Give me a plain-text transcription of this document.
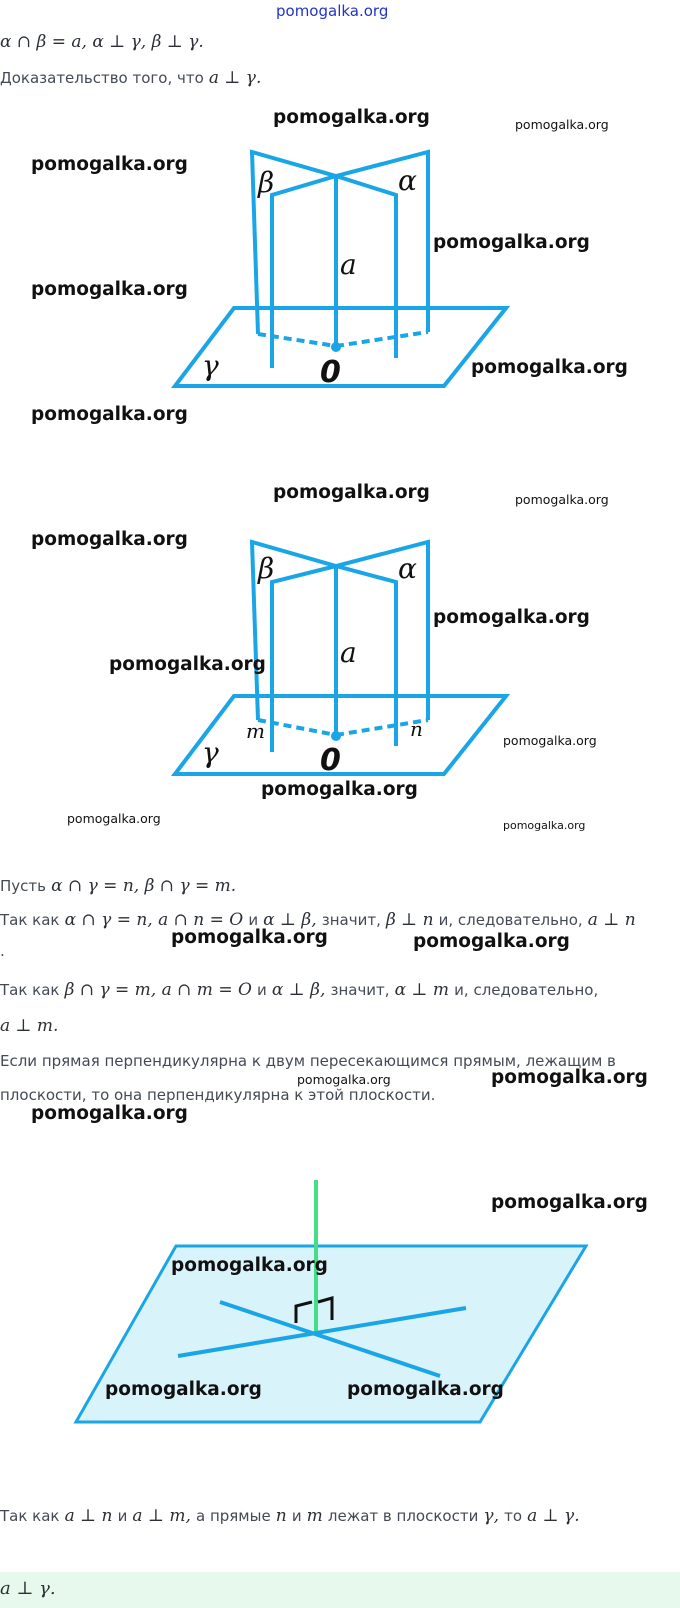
pomogalka.org
α ∩ β = a, α ⊥ γ, β ⊥ γ.
Доказательство того, что a ⊥ γ.
β	α
a
γ	0
β	α
a
γ
m	n
0
Пусть α ∩ γ = n, β ∩ γ = m.
Так как α ∩ γ = n, a ∩ n = O и α ⊥ β, значит, β ⊥ n и, следовательно, a ⊥ n
.
Так как β ∩ γ = m, a ∩ m = O и α ⊥ β, значит, α ⊥ m и, следовательно,
a ⊥ m.
Если прямая перпендикулярна к двум пересекающимся прямым, лежащим в
плоскости, то она перпендикулярна к этой плоскости.
Так как a ⊥ n и a ⊥ m, а прямые n и m лежат в плоскости γ, то a ⊥ γ.
a ⊥ γ.
pomogalka.org	pomogalka.org
pomogalka.org
pomogalka.org
pomogalka.org
pomogalka.org
pomogalka.org
pomogalka.org	pomogalka.org
pomogalka.org
pomogalka.org
pomogalka.org
pomogalka.org
pomogalka.org
pomogalka.org	pomogalka.org
pomogalka.org	pomogalka.org
pomogalka.org	pomogalka.org
pomogalka.org
pomogalka.org
pomogalka.org
pomogalka.org	pomogalka.org
